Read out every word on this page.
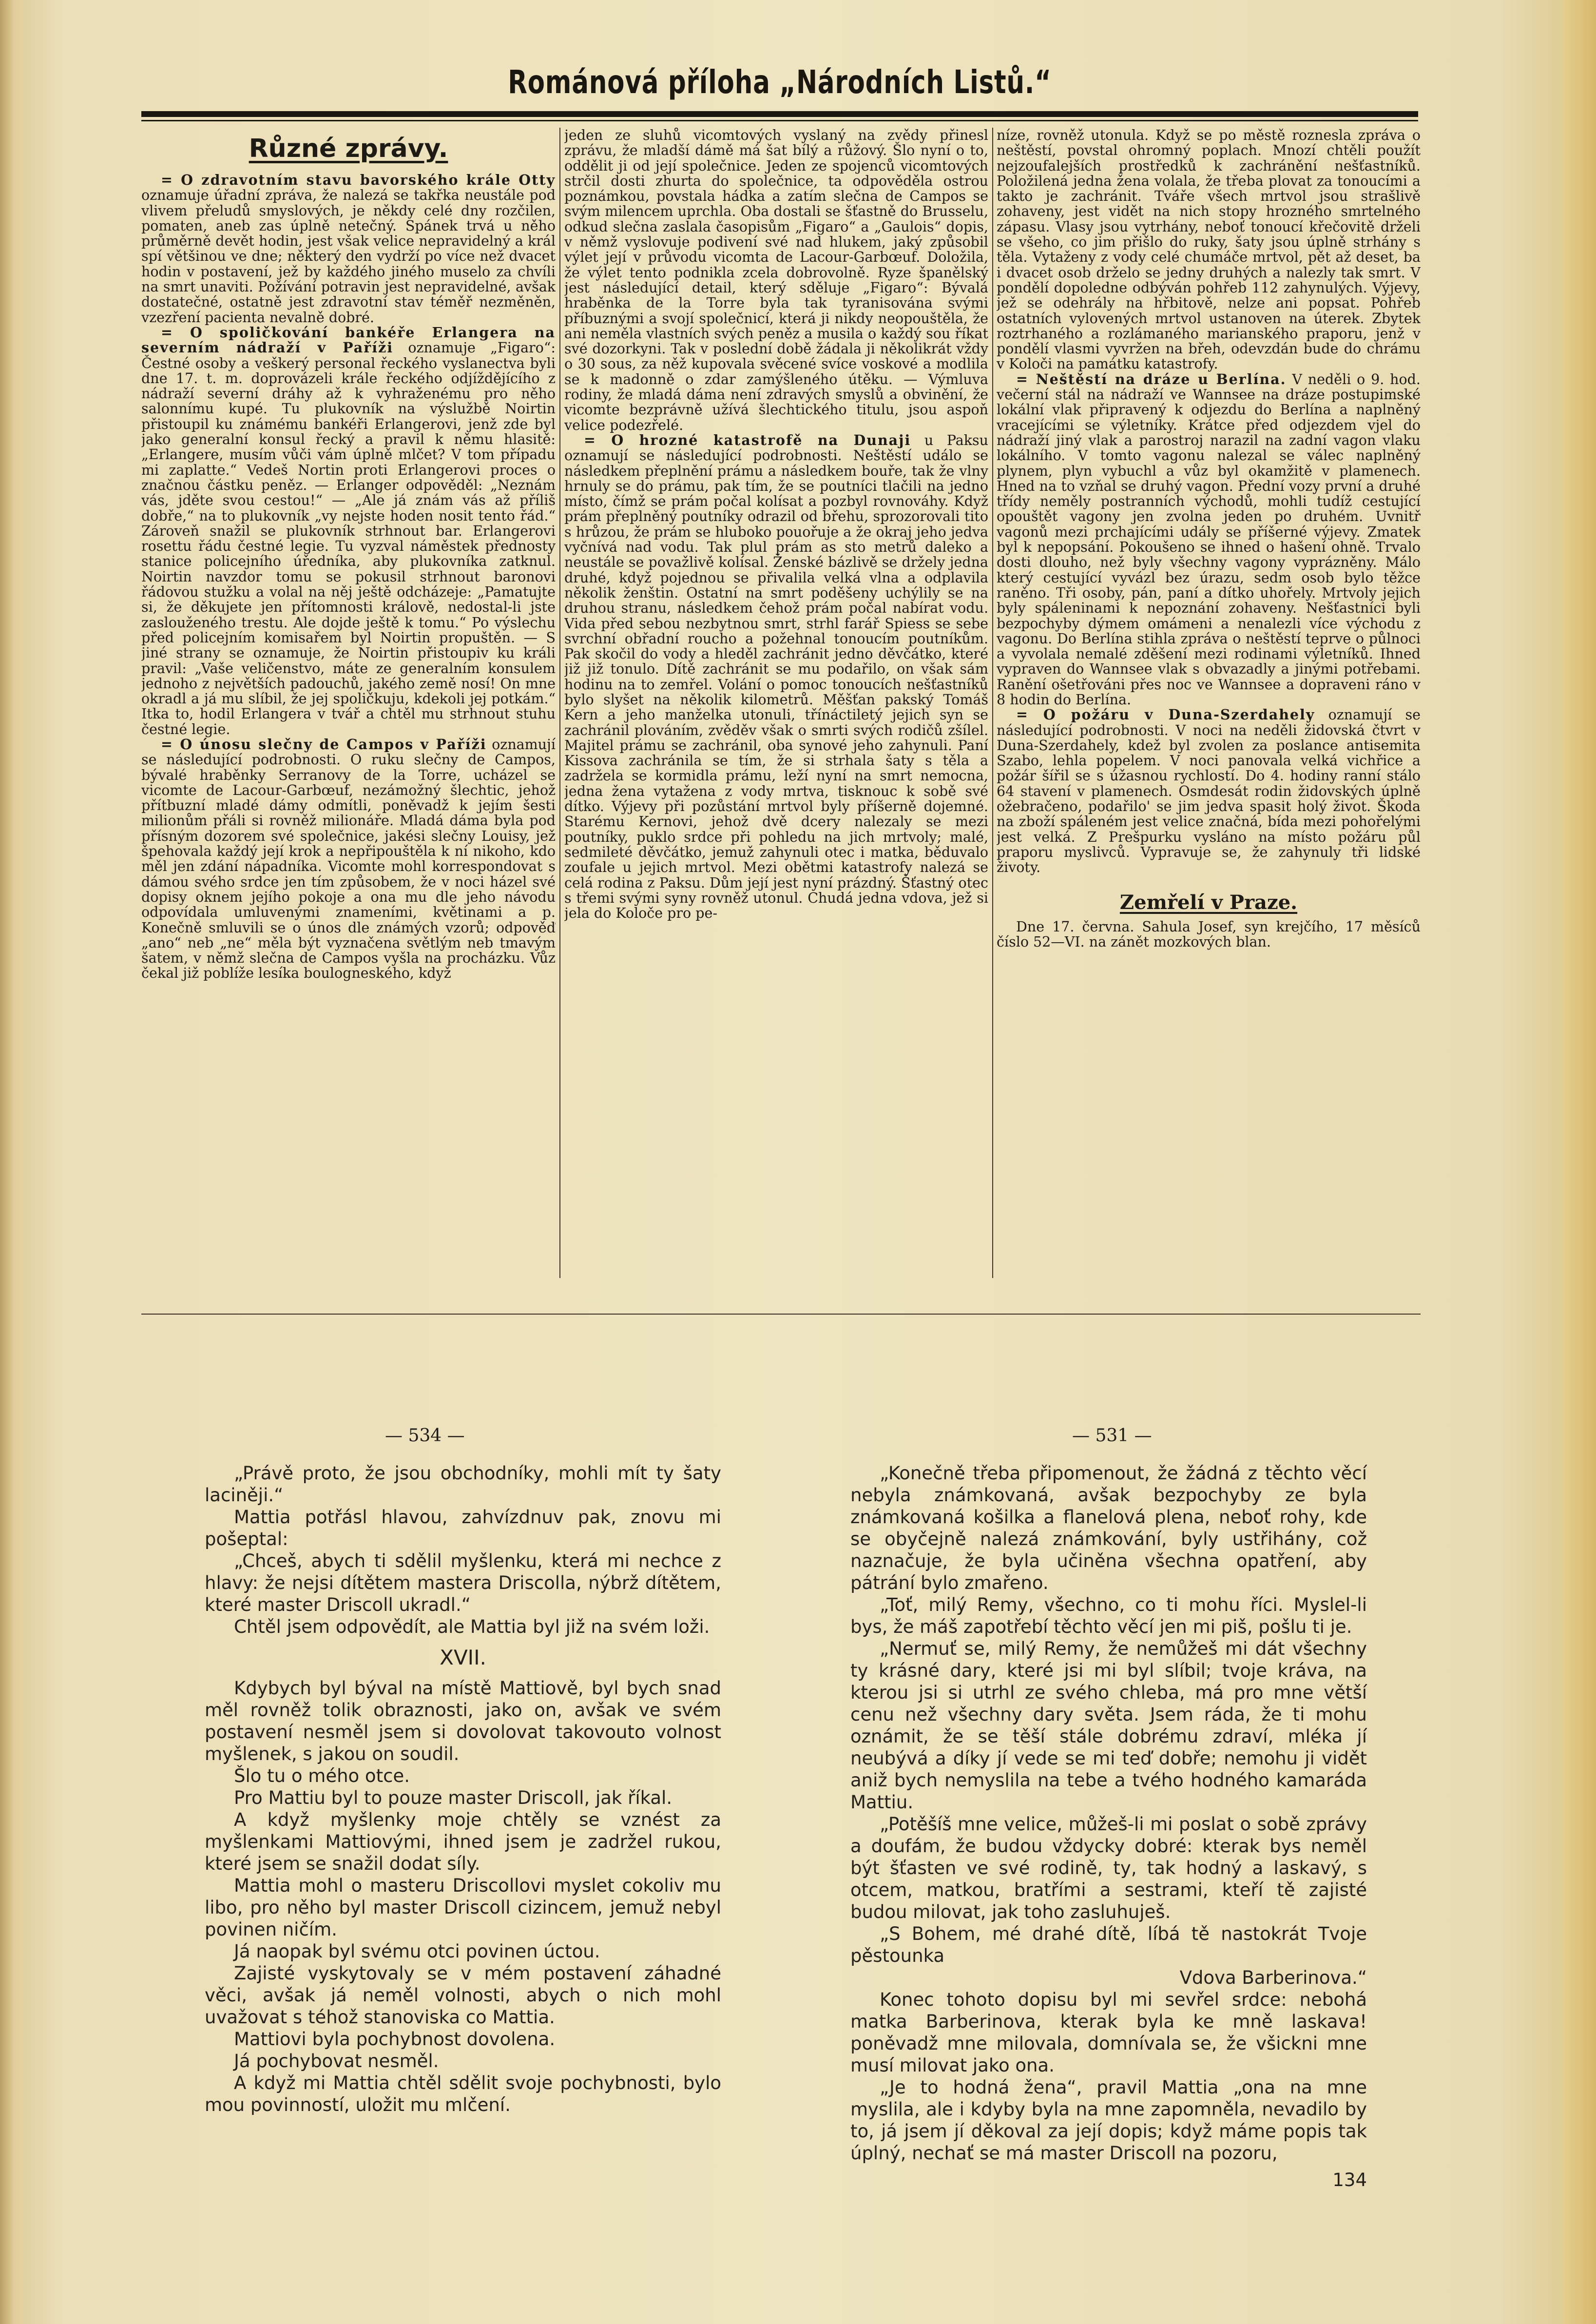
Románová příloha „Národních Listů.“
Různé zprávy.

= O zdravotním stavu bavorského krále Otty oznamuje úřadní zpráva, že nalezá se takřka neustále pod vlivem přeludů smyslových, je někdy celé dny rozčilen, pomaten, aneb zas úplně netečný. Spánek trvá u něho průměrně devět hodin, jest však velice nepravidelný a král spí většinou ve dne; některý den vydrží po více než dvacet hodin v postavení, jež by každého jiného muselo za chvíli na smrt unaviti. Požívání potravin jest nepravidelné, avšak dostatečné, ostatně jest zdravotní stav téměř nezměněn, vzezření pacienta nevalně dobré.

= O spoličkování bankéře Erlangera na severním nádraží v Paříži oznamuje „Figaro“: Čestné osoby a veškerý personal řeckého vyslanectva byli dne 17. t. m. doprovázeli krále řeckého odjíždějícího z nádraží severní dráhy až k vyhraženému pro něho salonnímu kupé. Tu plukovník na výslužbě Noirtin přistoupil ku známému bankéři Erlangerovi, jenž zde byl jako generalní konsul řecký a pravil k němu hlasitě: „Erlangere, musím vůči vám úplně mlčet? V tom případu mi zaplatte.“ Vedeš Nortin proti Erlangerovi proces o značnou částku peněz. — Erlanger odpověděl: „Neznám vás, jděte svou cestou!“ — „Ale já znám vás až příliš dobře,“ na to plukovník „vy nejste hoden nosit tento řád.“ Zároveň snažil se plukovník strhnout bar. Erlangerovi rosettu řádu čestné legie. Tu vyzval náměstek přednosty stanice policejního úředníka, aby plukovníka zatknul. Noirtin navzdor tomu se pokusil strhnout baronovi řádovou stužku a volal na něj ještě odcházeje: „Pamatujte si, že děkujete jen přítomnosti králově, nedostal-li jste zaslouženého trestu. Ale dojde ještě k tomu.“ Po výslechu před policejním komisařem byl Noirtin propuštěn. — S jiné strany se oznamuje, že Noirtin přistoupiv ku králi pravil: „Vaše veličenstvo, máte ze generalním konsulem jednoho z největších padouchů, jakého země nosí! On mne okradl a já mu slíbil, že jej spoličkuju, kdekoli jej potkám.“ Itka to, hodil Erlangera v tvář a chtěl mu strhnout stuhu čestné legie.

= O únosu slečny de Campos v Paříži oznamují se následující podrobnosti. O ruku slečny de Campos, bývalé hraběnky Serranovy de la Torre, ucházel se vicomte de Lacour-Garbœuf, nezámožný šlechtic, jehož přítbuzní mladé dámy odmítli, poněvadž k jejím šesti milionům přáli si rovněž milionáře. Mladá dáma byla pod přísným dozorem své společnice, jakési slečny Louisy, jež špehovala každý její krok a nepřipouštěla k ní nikoho, kdo měl jen zdání nápadníka. Vicomte mohl korrespondovat s dámou svého srdce jen tím způsobem, že v noci házel své dopisy oknem jejího pokoje a ona mu dle jeho návodu odpovídala umluvenými znameními, květinami a p. Konečně smluvili se o únos dle známých vzorů; odpověď „ano“ neb „ne“ měla být vyznačena světlým neb tmavým šatem, v němž slečna de Campos vyšla na procházku. Vůz čekal již poblíže lesíka boulogneského, když

jeden ze sluhů vicomtových vyslaný na zvědy přinesl zprávu, že mladší dámě má šat bílý a růžový. Šlo nyní o to, oddělit ji od její společnice. Jeden ze spojenců vicomtových strčil dosti zhurta do společnice, ta odpověděla ostrou poznámkou, povstala hádka a zatím slečna de Campos se svým milencem uprchla. Oba dostali se šťastně do Brusselu, odkud slečna zaslala časopisům „Figaro“ a „Gaulois“ dopis, v němž vyslovuje podivení své nad hlukem, jaký způsobil výlet její v průvodu vicomta de Lacour-Garbœuf. Doložila, že výlet tento podnikla zcela dobrovolně. Ryze španělský jest následující detail, který sděluje „Figaro“: Bývalá hraběnka de la Torre byla tak tyranisována svými příbuznými a svojí společnicí, která ji nikdy neopouštěla, že ani neměla vlastních svých peněz a musila o každý sou říkat své dozorkyni. Tak v poslední době žádala ji několikrát vždy o 30 sous, za něž kupovala svěcené svíce voskové a modlila se k madonně o zdar zamýšleného útěku. — Výmluva rodiny, že mladá dáma není zdravých smyslů a obvinění, že vicomte bezprávně užívá šlechtického titulu, jsou aspoň velice podezřelé.

= O hrozné katastrofě na Dunaji u Paksu oznamují se následující podrobnosti. Neštěstí událo se následkem přeplnění prámu a následkem bouře, tak že vlny hrnuly se do prámu, pak tím, že se poutníci tlačili na jedno místo, čímž se prám počal kolísat a pozbyl rovnováhy. Když prám přeplněný poutníky odrazil od břehu, sprozorovali tito s hrůzou, že prám se hluboko pouořuje a že okraj jeho jedva vyčnívá nad vodu. Tak plul prám as sto metrů daleko a neustále se považlivě kolísal. Ženské bázlivě se držely jedna druhé, když pojednou se přivalila velká vlna a odplavila několik ženštin. Ostatní na smrt poděšeny uchýlily se na druhou stranu, následkem čehož prám počal nabírat vodu. Vida před sebou nezbytnou smrt, strhl farář Spiess se sebe svrchní obřadní roucho a požehnal tonoucím poutníkům. Pak skočil do vody a hleděl zachránit jedno děvčátko, které již již tonulo. Dítě zachránit se mu podařilo, on však sám hodinu na to zemřel. Volání o pomoc tonoucích nešťastníků bylo slyšet na několik kilometrů. Měšťan pakský Tomáš Kern a jeho manželka utonuli, třínáctiletý jejich syn se zachránil plováním, zvěděv však o smrti svých rodičů zšílel. Majitel prámu se zachránil, oba synové jeho zahynuli. Paní Kissova zachránila se tím, že si strhala šaty s těla a zadržela se kormidla prámu, leží nyní na smrt nemocna, jedna žena vytažena z vody mrtva, tisknouc k sobě své dítko. Výjevy při pozůstání mrtvol byly příšerně dojemné. Starému Kernovi, jehož dvě dcery nalezaly se mezi poutníky, puklo srdce při pohledu na jich mrtvoly; malé, sedmileté děvčátko, jemuž zahynuli otec i matka, běduvalo zoufale u jejich mrtvol. Mezi obětmi katastrofy nalezá se celá rodina z Paksu. Dům její jest nyní prázdný. Šťastný otec s třemi svými syny rovněž utonul. Chudá jedna vdova, jež si jela do Koloče pro pe-

níze, rovněž utonula. Když se po městě roznesla zpráva o neštěstí, povstal ohromný poplach. Mnozí chtěli použít nejzoufalejších prostředků k zachránění nešťastníků. Položilená jedna žena volala, že třeba plovat za tonoucími a takto je zachránit. Tváře všech mrtvol jsou strašlivě zohaveny, jest vidět na nich stopy hrozného smrtelného zápasu. Vlasy jsou vytrhány, neboť tonoucí křečovitě drželi se všeho, co jim přišlo do ruky, šaty jsou úplně strhány s těla. Vytaženy z vody celé chumáče mrtvol, pět až deset, ba i dvacet osob drželo se jedny druhých a nalezly tak smrt. V pondělí dopoledne odbýván pohřeb 112 zahynulých. Výjevy, jež se odehrály na hřbitově, nelze ani popsat. Pohřeb ostatních vylovených mrtvol ustanoven na úterek. Zbytek roztrhaného a rozlámaného marianského praporu, jenž v pondělí vlasmi vyvržen na břeh, odevzdán bude do chrámu v Koloči na památku katastrofy.

= Neštěstí na dráze u Berlína. V neděli o 9. hod. večerní stál na nádraží ve Wannsee na dráze postupimské lokální vlak připravený k odjezdu do Berlína a naplněný vracejícími se výletníky. Krátce před odjezdem vjel do nádraží jiný vlak a parostroj narazil na zadní vagon vlaku lokálního. V tomto vagonu nalezal se válec naplněný plynem, plyn vybuchl a vůz byl okamžitě v plamenech. Hned na to vzňal se druhý vagon. Přední vozy první a druhé třídy neměly postranních východů, mohli tudíž cestující opouštět vagony jen zvolna jeden po druhém. Uvnitř vagonů mezi prchajícími udály se příšerné výjevy. Zmatek byl k nepopsání. Pokoušeno se ihned o hašení ohně. Trvalo dosti dlouho, než byly všechny vagony vyprázněny. Málo který cestující vyvázl bez úrazu, sedm osob bylo těžce raněno. Tři osoby, pán, paní a dítko uhořely. Mrtvoly jejich byly spáleninami k nepoznání zohaveny. Nešťastníci byli bezpochyby dýmem omámeni a nenalezli více východu z vagonu. Do Berlína stihla zpráva o neštěstí teprve o půlnoci a vyvolala nemalé zděšení mezi rodinami výletníků. Ihned vypraven do Wannsee vlak s obvazadly a jinými potřebami. Ranění ošetřováni přes noc ve Wannsee a dopraveni ráno v 8 hodin do Berlína.

= O požáru v Duna-Szerdahely oznamují se následující podrobnosti. V noci na neděli židovská čtvrt v Duna-Szerdahely, kdež byl zvolen za poslance antisemita Szabo, lehla popelem. V noci panovala velká vichřice a požár šířil se s úžasnou rychlostí. Do 4. hodiny ranní stálo 64 stavení v plamenech. Osmdesát rodin židovských úplně ožebračeno, podařilo' se jim jedva spasit holý život. Škoda na zboží spáleném jest velice značná, bída mezi pohořelými jest velká. Z Prešpurku vysláno na místo požáru půl praporu myslivců. Vypravuje se, že zahynuly tři lidské životy.

Zemřelí v Praze.

Dne 17. června. Sahula Josef, syn krejčího, 17 měsíců číslo 52—VI. na zánět mozkových blan.

— 534 —	— 531 —

„Právě proto, že jsou obchodníky, mohli mít ty šaty laciněji.“

Mattia potřásl hlavou, zahvízdnuv pak, znovu mi pošeptal:

„Chceš, abych ti sdělil myšlenku, která mi nechce z hlavy: že nejsi dítětem mastera Driscolla, nýbrž dítětem, které master Driscoll ukradl.“

Chtěl jsem odpovědít, ale Mattia byl již na svém loži.

XVII.

Kdybych byl býval na místě Mattiově, byl bych snad měl rovněž tolik obraznosti, jako on, avšak ve svém postavení nesměl jsem si dovolovat takovouto volnost myšlenek, s jakou on soudil.

Šlo tu o mého otce.

Pro Mattiu byl to pouze master Driscoll, jak říkal.

A když myšlenky moje chtěly se vznést za myšlenkami Mattiovými, ihned jsem je zadržel rukou, které jsem se snažil dodat síly.

Mattia mohl o masteru Driscollovi myslet cokoliv mu libo, pro něho byl master Driscoll cizincem, jemuž nebyl povinen ničím.

Já naopak byl svému otci povinen úctou.

Zajisté vyskytovaly se v mém postavení záhadné věci, avšak já neměl volnosti, abych o nich mohl uvažovat s téhož stanoviska co Mattia.

Mattiovi byla pochybnost dovolena.

Já pochybovat nesměl.

A když mi Mattia chtěl sdělit svoje pochybnosti, bylo mou povinností, uložit mu mlčení.

„Konečně třeba připomenout, že žádná z těchto věcí nebyla známkovaná, avšak bezpochyby ze byla známkovaná košilka a flanelová plena, neboť rohy, kde se obyčejně nalezá známkování, byly ustřihány, což naznačuje, že byla učiněna všechna opatření, aby pátrání bylo zmařeno.

„Toť, milý Remy, všechno, co ti mohu říci. Myslel-li bys, že máš zapotřebí těchto věcí jen mi piš, pošlu ti je.

„Nermuť se, milý Remy, že nemůžeš mi dát všechny ty krásné dary, které jsi mi byl slíbil; tvoje kráva, na kterou jsi si utrhl ze svého chleba, má pro mne větší cenu než všechny dary světa. Jsem ráda, že ti mohu oznámit, že se těší stále dobrému zdraví, mléka jí neubývá a díky jí vede se mi teď dobře; nemohu ji vidět aniž bych nemyslila na tebe a tvého hodného kamaráda Mattiu.

„Potěšíš mne velice, můžeš-li mi poslat o sobě zprávy a doufám, že budou vždycky dobré: kterak bys neměl být šťasten ve své rodině, ty, tak hodný a laskavý, s otcem, matkou, bratřími a sestrami, kteří tě zajisté budou milovat, jak toho zasluhuješ.

„S Bohem, mé drahé dítě, líbá tě nastokrát Tvoje pěstounka

Vdova Barberinova.“

Konec tohoto dopisu byl mi sevřel srdce: nebohá matka Barberinova, kterak byla ke mně laskava! poněvadž mne milovala, domnívala se, že všickni mne musí milovat jako ona.

„Je to hodná žena“, pravil Mattia „ona na mne myslila, ale i kdyby byla na mne zapomněla, nevadilo by to, já jsem jí děkoval za její dopis; když máme popis tak úplný, nechať se má master Driscoll na pozoru,

134
